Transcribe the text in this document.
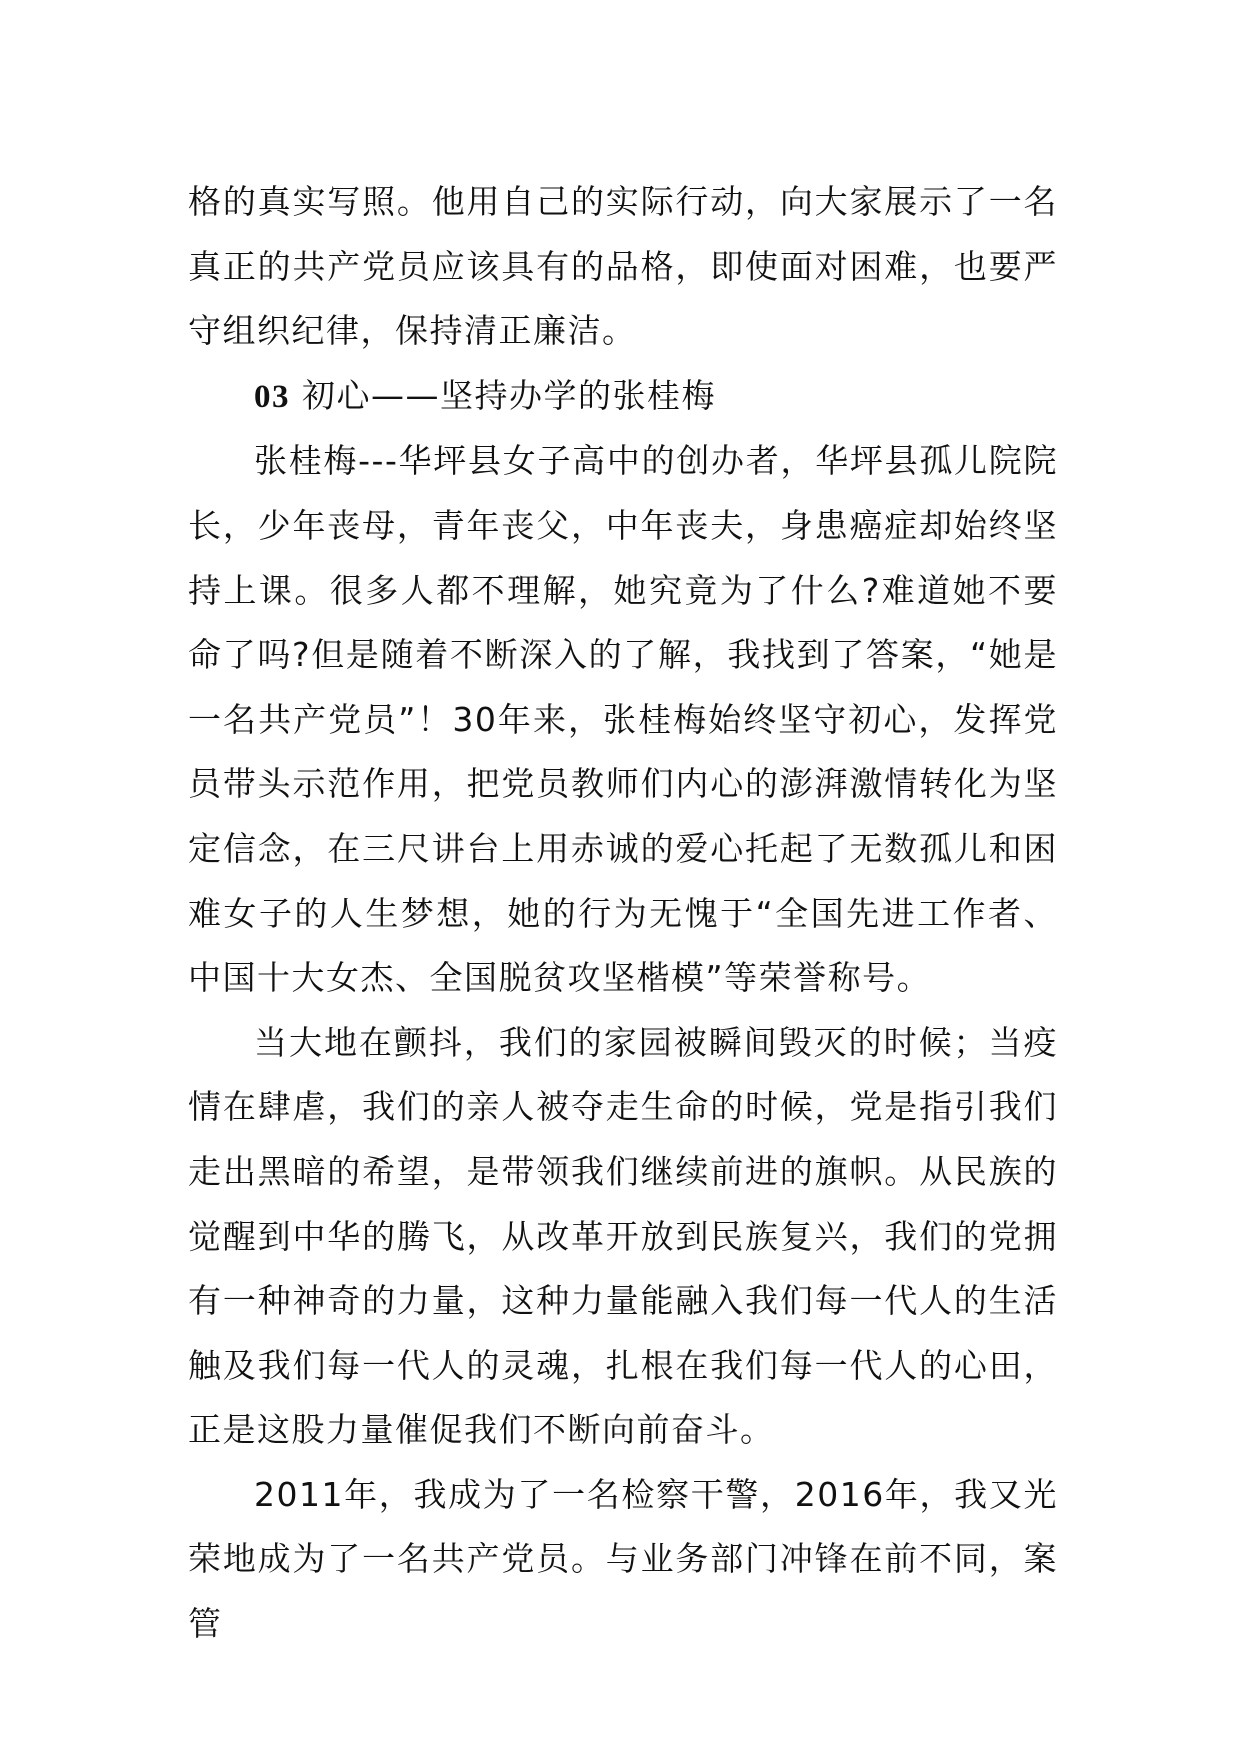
格的真实写照。他用自己的实际行动，向大家展示了一名真正的共产党员应该具有的品格，即使面对困难，也要严守组织纪律，保持清正廉洁。

03 初心——坚持办学的张桂梅

张桂梅---华坪县女子高中的创办者，华坪县孤儿院院长，少年丧母，青年丧父，中年丧夫，身患癌症却始终坚持上课。很多人都不理解，她究竟为了什么?难道她不要命了吗?但是随着不断深入的了解，我找到了答案，“她是一名共产党员”！30年来，张桂梅始终坚守初心，发挥党员带头示范作用，把党员教师们内心的澎湃激情转化为坚定信念，在三尺讲台上用赤诚的爱心托起了无数孤儿和困难女子的人生梦想，她的行为无愧于“全国先进工作者、中国十大女杰、全国脱贫攻坚楷模”等荣誉称号。

当大地在颤抖，我们的家园被瞬间毁灭的时候；当疫情在肆虐，我们的亲人被夺走生命的时候，党是指引我们走出黑暗的希望，是带领我们继续前进的旗帜。从民族的觉醒到中华的腾飞，从改革开放到民族复兴，我们的党拥有一种神奇的力量，这种力量能融入我们每一代人的生活触及我们每一代人的灵魂，扎根在我们每一代人的心田，正是这股力量催促我们不断向前奋斗。

2011年，我成为了一名检察干警，2016年，我又光荣地成为了一名共产党员。与业务部门冲锋在前不同，案管
